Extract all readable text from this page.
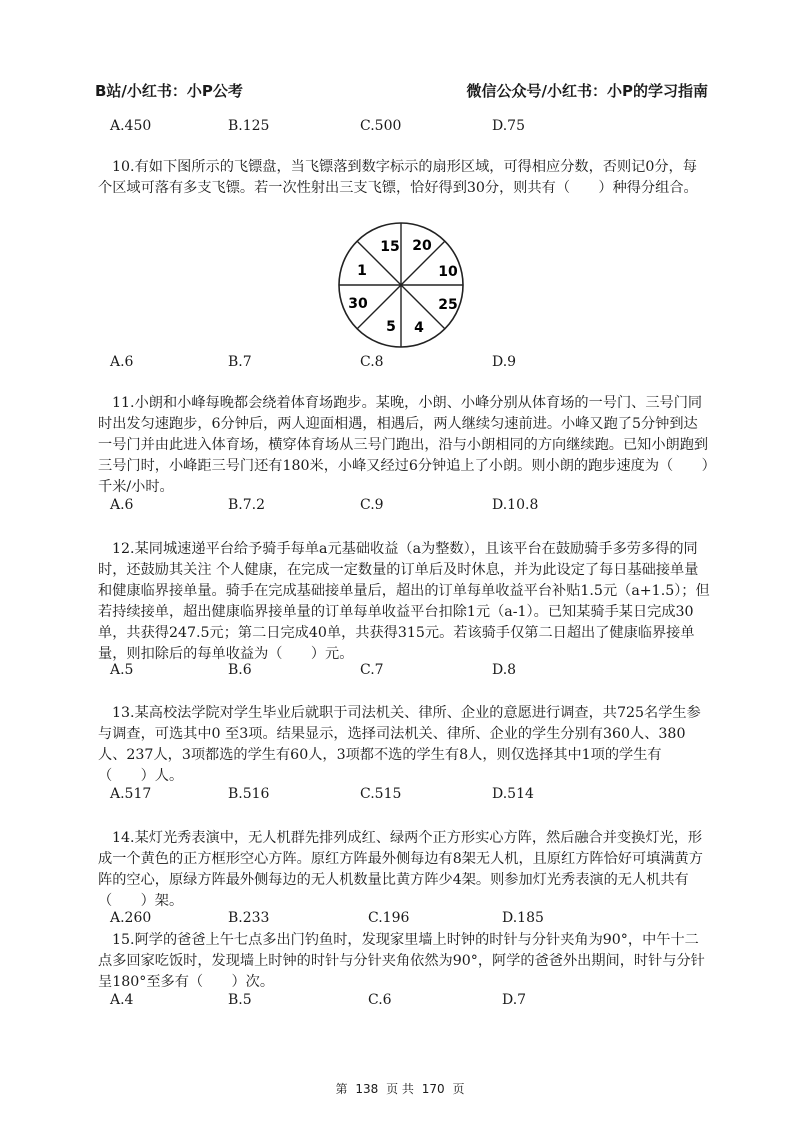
B站/小红书：小P公考	微信公众号/小红书：小P的学习指南
A.450	B.125	C.500	D.75

10.有如下图所示的飞镖盘，当飞镖落到数字标示的扇形区域，可得相应分数，否则记0分，每个区域可落有多支飞镖。若一次性射出三支飞镖，恰好得到30分，则共有（　　）种得分组合。

15 20
10
25
4
5
30
1
A.6	B.7	C.8	D.9

11.小朗和小峰每晚都会绕着体育场跑步。某晚，小朗、小峰分别从体育场的一号门、三号门同时出发匀速跑步，6分钟后，两人迎面相遇，相遇后，两人继续匀速前进。小峰又跑了5分钟到达一号门并由此进入体育场，横穿体育场从三号门跑出，沿与小朗相同的方向继续跑。已知小朗跑到三号门时，小峰距三号门还有180米，小峰又经过6分钟追上了小朗。则小朗的跑步速度为（　　）千米/小时。

A.6	B.7.2	C.9	D.10.8

12.某同城速递平台给予骑手每单a元基础收益（a为整数），且该平台在鼓励骑手多劳多得的同时，还鼓励其关注 个人健康，在完成一定数量的订单后及时休息，并为此设定了每日基础接单量和健康临界接单量。骑手在完成基础接单量后，超出的订单每单收益平台补贴1.5元（a+1.5）；但若持续接单，超出健康临界接单量的订单每单收益平台扣除1元（a-1）。已知某骑手某日完成30单，共获得247.5元；第二日完成40单，共获得315元。若该骑手仅第二日超出了健康临界接单量，则扣除后的每单收益为（　　）元。

A.5	B.6	C.7	D.8

13.某高校法学院对学生毕业后就职于司法机关、律所、企业的意愿进行调查，共725名学生参与调查，可选其中0 至3项。结果显示，选择司法机关、律所、企业的学生分别有360人、380人、237人，3项都选的学生有60人，3项都不选的学生有8人，则仅选择其中1项的学生有（　　）人。

A.517	B.516	C.515	D.514

14.某灯光秀表演中，无人机群先排列成红、绿两个正方形实心方阵，然后融合并变换灯光，形成一个黄色的正方框形空心方阵。原红方阵最外侧每边有8架无人机，且原红方阵恰好可填满黄方阵的空心，原绿方阵最外侧每边的无人机数量比黄方阵少4架。则参加灯光秀表演的无人机共有（　　）架。

A.260	B.233	C.196	D.185

15.阿学的爸爸上午七点多出门钓鱼时，发现家里墙上时钟的时针与分针夹角为90°，中午十二点多回家吃饭时，发现墙上时钟的时针与分针夹角依然为90°，阿学的爸爸外出期间，时针与分针呈180°至多有（　　）次。

A.4	B.5	C.6	D.7
第 138 页 共 170 页
